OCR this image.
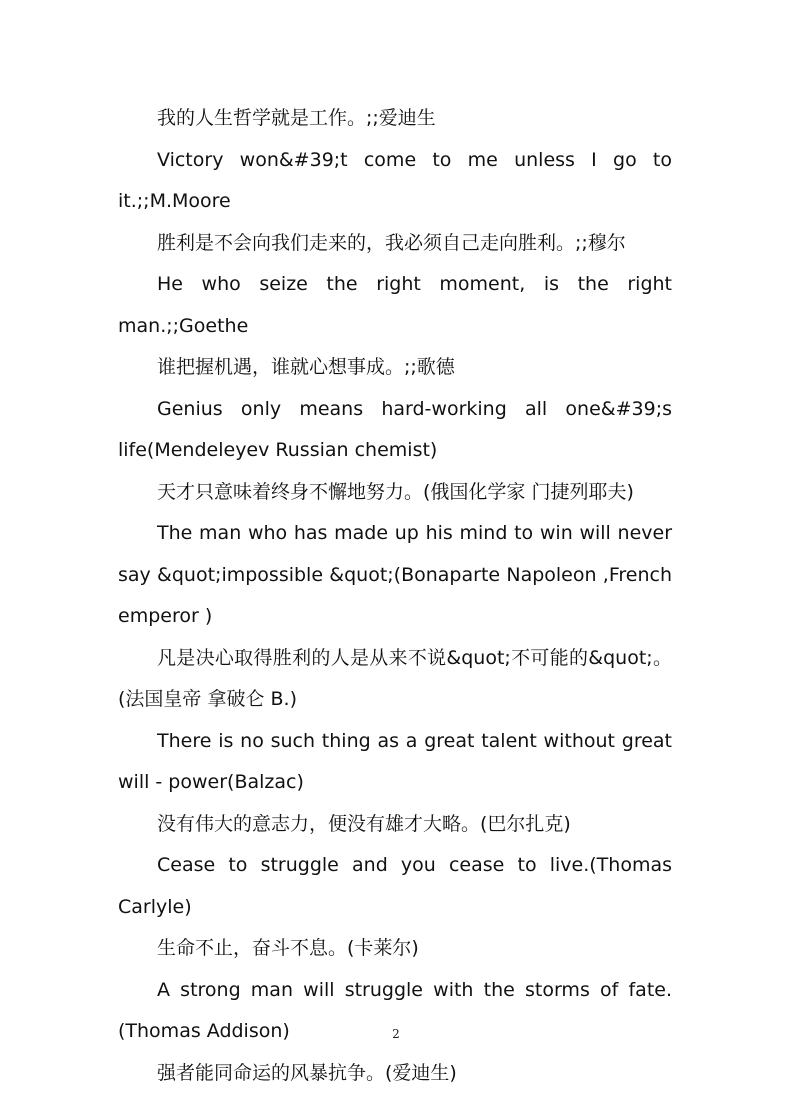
我的人生哲学就是工作。;;爱迪生

Victory won&#39;t come to me unless I go to it.;;M.Moore

胜利是不会向我们走来的，我必须自己走向胜利。;;穆尔

He who seize the right moment, is the right man.;;Goethe

谁把握机遇，谁就心想事成。;;歌德

Genius only means hard-working all one&#39;s life(Mendeleyev Russian chemist)

天才只意味着终身不懈地努力。(俄国化学家 门捷列耶夫)

The man who has made up his mind to win will never say &quot;impossible &quot;(Bonaparte Napoleon ,French emperor )

凡是决心取得胜利的人是从来不说&quot;不可能的&quot;。(法国皇帝 拿破仑 B.)

There is no such thing as a great talent without great will - power(Balzac)

没有伟大的意志力，便没有雄才大略。(巴尔扎克)

Cease to struggle and you cease to live.(Thomas Carlyle)

生命不止，奋斗不息。(卡莱尔)

A strong man will struggle with the storms of fate.(Thomas Addison)

强者能同命运的风暴抗争。(爱迪生)

2
